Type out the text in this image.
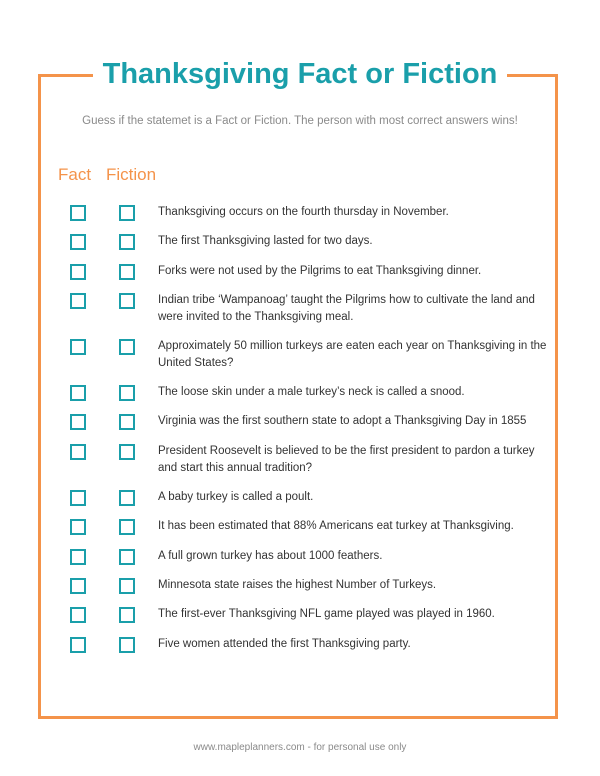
Thanksgiving Fact or Fiction
Guess if the statemet is a Fact or Fiction. The person with most correct answers wins!
Fact Fiction
Thanksgiving occurs on the fourth thursday in November.
The first Thanksgiving lasted for two days.
Forks were not used by the Pilgrims to eat Thanksgiving dinner.
Indian tribe ‘Wampanoag’ taught the Pilgrims how to cultivate the land and were invited to the Thanksgiving meal.
Approximately 50 million turkeys are eaten each year on Thanksgiving in the United States?
The loose skin under a male turkey’s neck is called a snood.
Virginia was the first southern state to adopt a Thanksgiving Day in 1855
President Roosevelt is believed to be the first president to pardon a turkey and start this annual tradition?
A baby turkey is called a poult.
It has been estimated that 88% Americans eat turkey at Thanksgiving.
A full grown turkey has about 1000 feathers.
Minnesota state raises the highest Number of Turkeys.
The first-ever Thanksgiving NFL game played was played in 1960.
Five women attended the first Thanksgiving party.
www.mapleplanners.com - for personal use only
